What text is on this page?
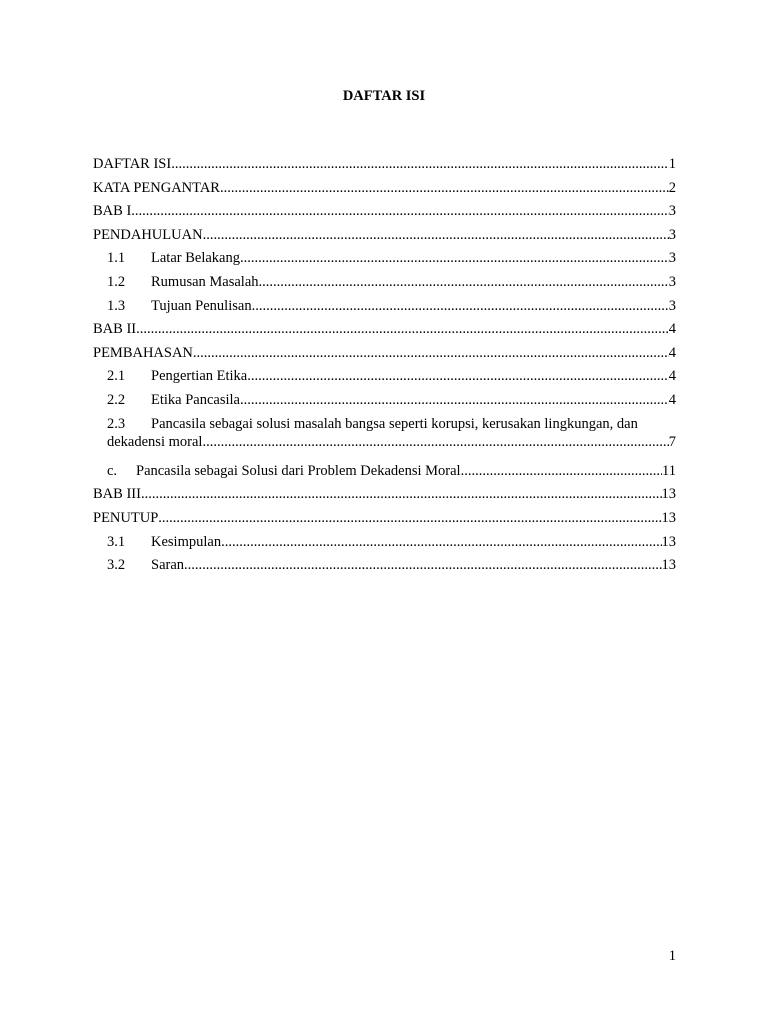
DAFTAR ISI
DAFTAR ISI .....	1
KATA PENGANTAR .....	2
BAB I .....	3
PENDAHULUAN .....	3
1.1	Latar Belakang .....	3
1.2	Rumusan Masalah .....	3
1.3	Tujuan Penulisan .....	3
BAB II .....	4
PEMBAHASAN .....	4
2.1	Pengertian Etika .....	4
2.2	Etika Pancasila .....	4
2.3	Pancasila sebagai solusi masalah bangsa seperti korupsi, kerusakan lingkungan, dan
dekadensi moral .....	7
c.	Pancasila sebagai Solusi dari Problem Dekadensi Moral .....	11
BAB III .....	13
PENUTUP .....	13
3.1	Kesimpulan .....	13
3.2	Saran .....	13
1
